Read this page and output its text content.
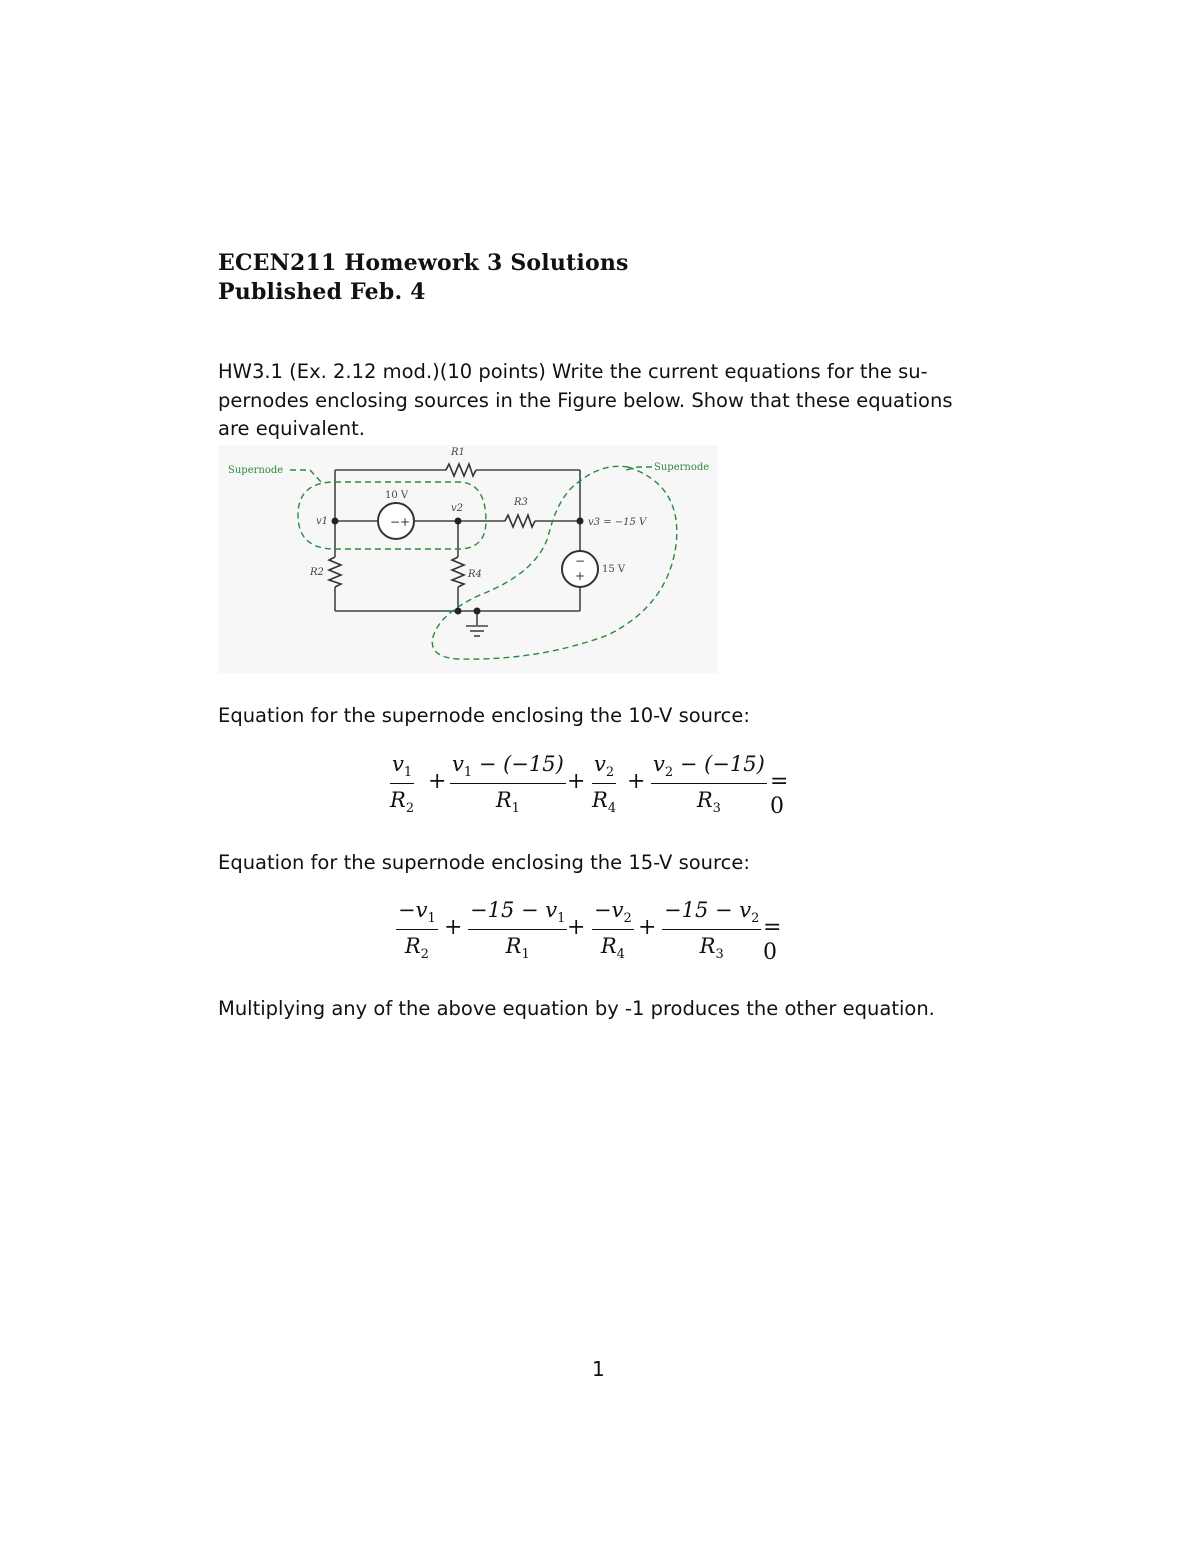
ECEN211 Homework 3 Solutions
Published Feb. 4
HW3.1 (Ex. 2.12 mod.)(10 points) Write the current equations for the su-
pernodes enclosing sources in the Figure below. Show that these equations
are equivalent.
− +
−
+
Supernode	Supernode
R1
R2
R3
R4
v1
v2
v3 = −15 V
10 V
15 V
Equation for the supernode enclosing the 10-V source:
$\frac{v_1}{R_2} + \frac{v_1 - (-15)}{R_1} + \frac{v_2}{R_4} + \frac{v_2 - (-15)}{R_3} = 0$
Equation for the supernode enclosing the 15-V source:
$\frac{-v_1}{R_2} + \frac{-15 - v_1}{R_1} + \frac{-v_2}{R_4} + \frac{-15 - v_2}{R_3} = 0$
Multiplying any of the above equation by -1 produces the other equation.
1
